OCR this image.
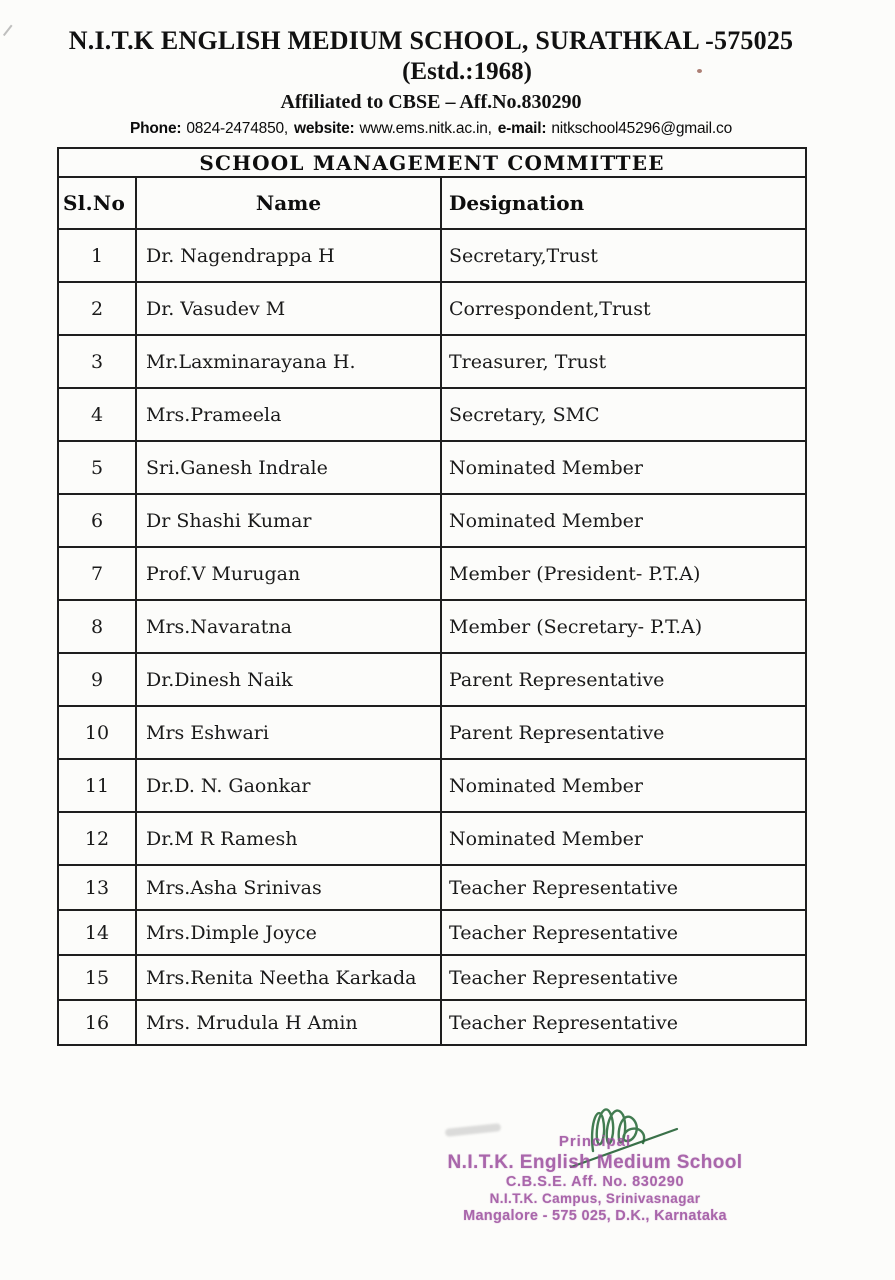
N.I.T.K ENGLISH MEDIUM SCHOOL, SURATHKAL -575025
(Estd.:1968)
Affiliated to CBSE – Aff.No.830290
Phone: 0824-2474850, website: www.ems.nitk.ac.in, e-mail: nitkschool45296@gmail.co
SCHOOL MANAGEMENT COMMITTEE		
Sl.No	Name	Designation
1	Dr. Nagendrappa H	Secretary,Trust
2	Dr. Vasudev M	Correspondent,Trust
3	Mr.Laxminarayana H.	Treasurer, Trust
4	Mrs.Prameela	Secretary, SMC
5	Sri.Ganesh Indrale	Nominated Member
6	Dr Shashi Kumar	Nominated Member
7	Prof.V Murugan	Member (President- P.T.A)
8	Mrs.Navaratna	Member (Secretary- P.T.A)
9	Dr.Dinesh Naik	Parent Representative
10	Mrs Eshwari	Parent Representative
11	Dr.D. N. Gaonkar	Nominated Member
12	Dr.M R Ramesh	Nominated Member
13	Mrs.Asha Srinivas	Teacher Representative
14	Mrs.Dimple Joyce	Teacher Representative
15	Mrs.Renita Neetha Karkada	Teacher Representative
16	Mrs. Mrudula H Amin	Teacher Representative
Principal
N.I.T.K. English Medium School
C.B.S.E. Aff. No. 830290
N.I.T.K. Campus, Srinivasnagar
Mangalore - 575 025, D.K., Karnataka
